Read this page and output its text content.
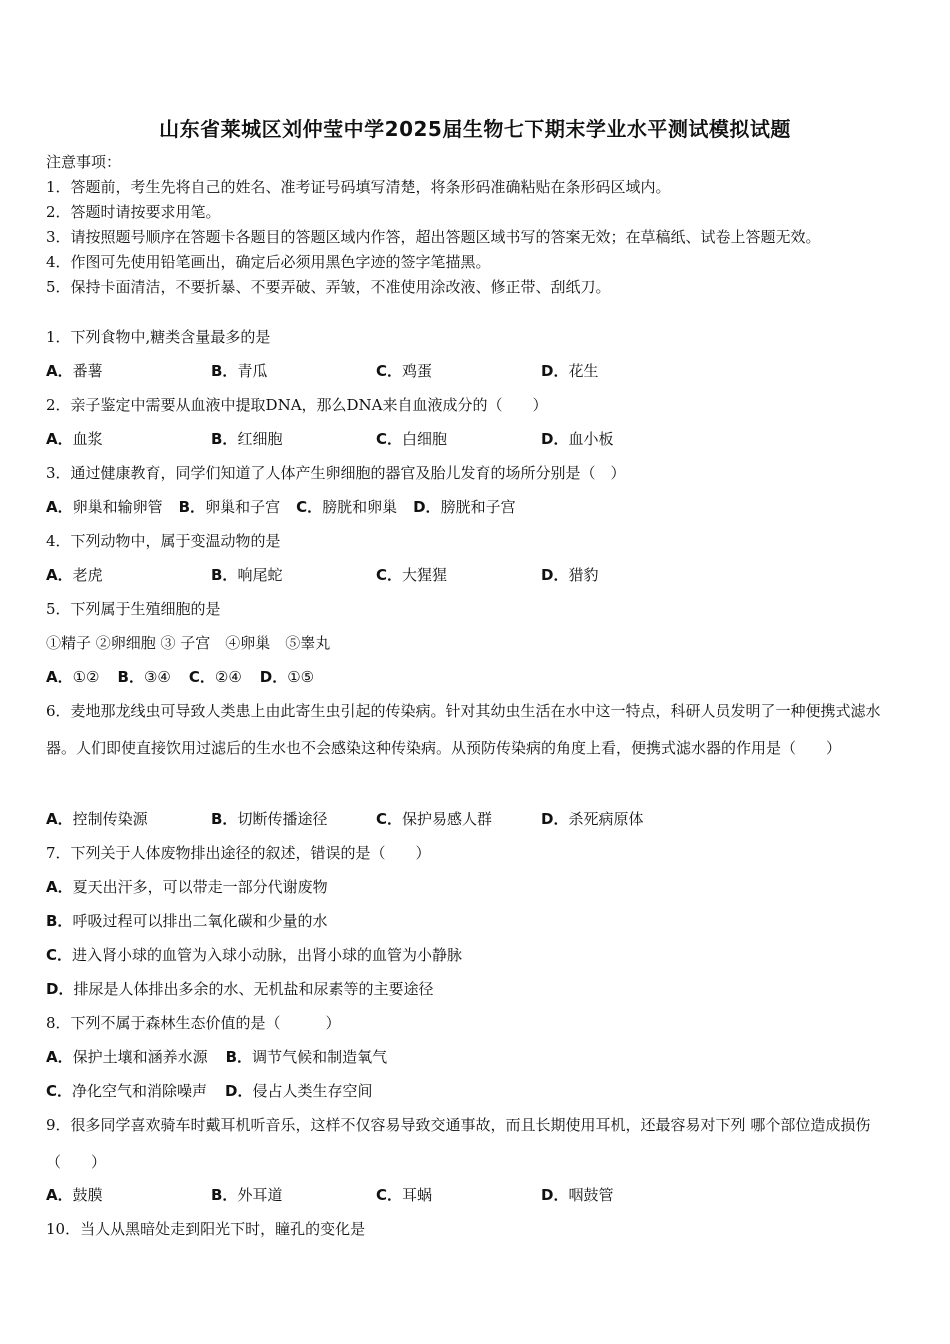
山东省莱城区刘仲莹中学2025届生物七下期末学业水平测试模拟试题
注意事项：
1．答题前，考生先将自己的姓名、准考证号码填写清楚，将条形码准确粘贴在条形码区域内。
2．答题时请按要求用笔。
3．请按照题号顺序在答题卡各题目的答题区域内作答，超出答题区域书写的答案无效；在草稿纸、试卷上答题无效。
4．作图可先使用铅笔画出，确定后必须用黑色字迹的签字笔描黑。
5．保持卡面清洁，不要折暴、不要弄破、弄皱，不准使用涂改液、修正带、刮纸刀。
1．下列食物中,糖类含量最多的是
A．番薯	B．青瓜	C．鸡蛋	D．花生
2．亲子鉴定中需要从血液中提取DNA，那么DNA来自血液成分的（　　）
A．血浆	B．红细胞	C．白细胞	D．血小板
3．通过健康教育，同学们知道了人体产生卵细胞的器官及胎儿发育的场所分别是（　）
A．卵巢和输卵管 B．卵巢和子宫 C．膀胱和卵巢 D．膀胱和子宫
4．下列动物中，属于变温动物的是
A．老虎	B．响尾蛇	C．大猩猩	D．猎豹
5．下列属于生殖细胞的是
①精子 ②卵细胞 ③ 子宫　④卵巢　⑤睾丸
A．①② B．③④ C．②④ D．①⑤
6．麦地那龙线虫可导致人类患上由此寄生虫引起的传染病。针对其幼虫生活在水中这一特点，科研人员发明了一种便携式滤水器。人们即使直接饮用过滤后的生水也不会感染这种传染病。从预防传染病的角度上看，便携式滤水器的作用是（　　）
A．控制传染源	B．切断传播途径	C．保护易感人群	D．杀死病原体
7．下列关于人体废物排出途径的叙述，错误的是（　　）
A．夏天出汗多，可以带走一部分代谢废物
B．呼吸过程可以排出二氧化碳和少量的水
C．进入肾小球的血管为入球小动脉，出肾小球的血管为小静脉
D．排尿是人体排出多余的水、无机盐和尿素等的主要途径
8．下列不属于森林生态价值的是（　　　）
A．保护土壤和涵养水源 B．调节气候和制造氧气
C．净化空气和消除噪声 D．侵占人类生存空间
9．很多同学喜欢骑车时戴耳机听音乐，这样不仅容易导致交通事故，而且长期使用耳机，还最容易对下列 哪个部位造成损伤（　　）
A．鼓膜	B．外耳道	C．耳蜗	D．咽鼓管
10．当人从黑暗处走到阳光下时，瞳孔的变化是
